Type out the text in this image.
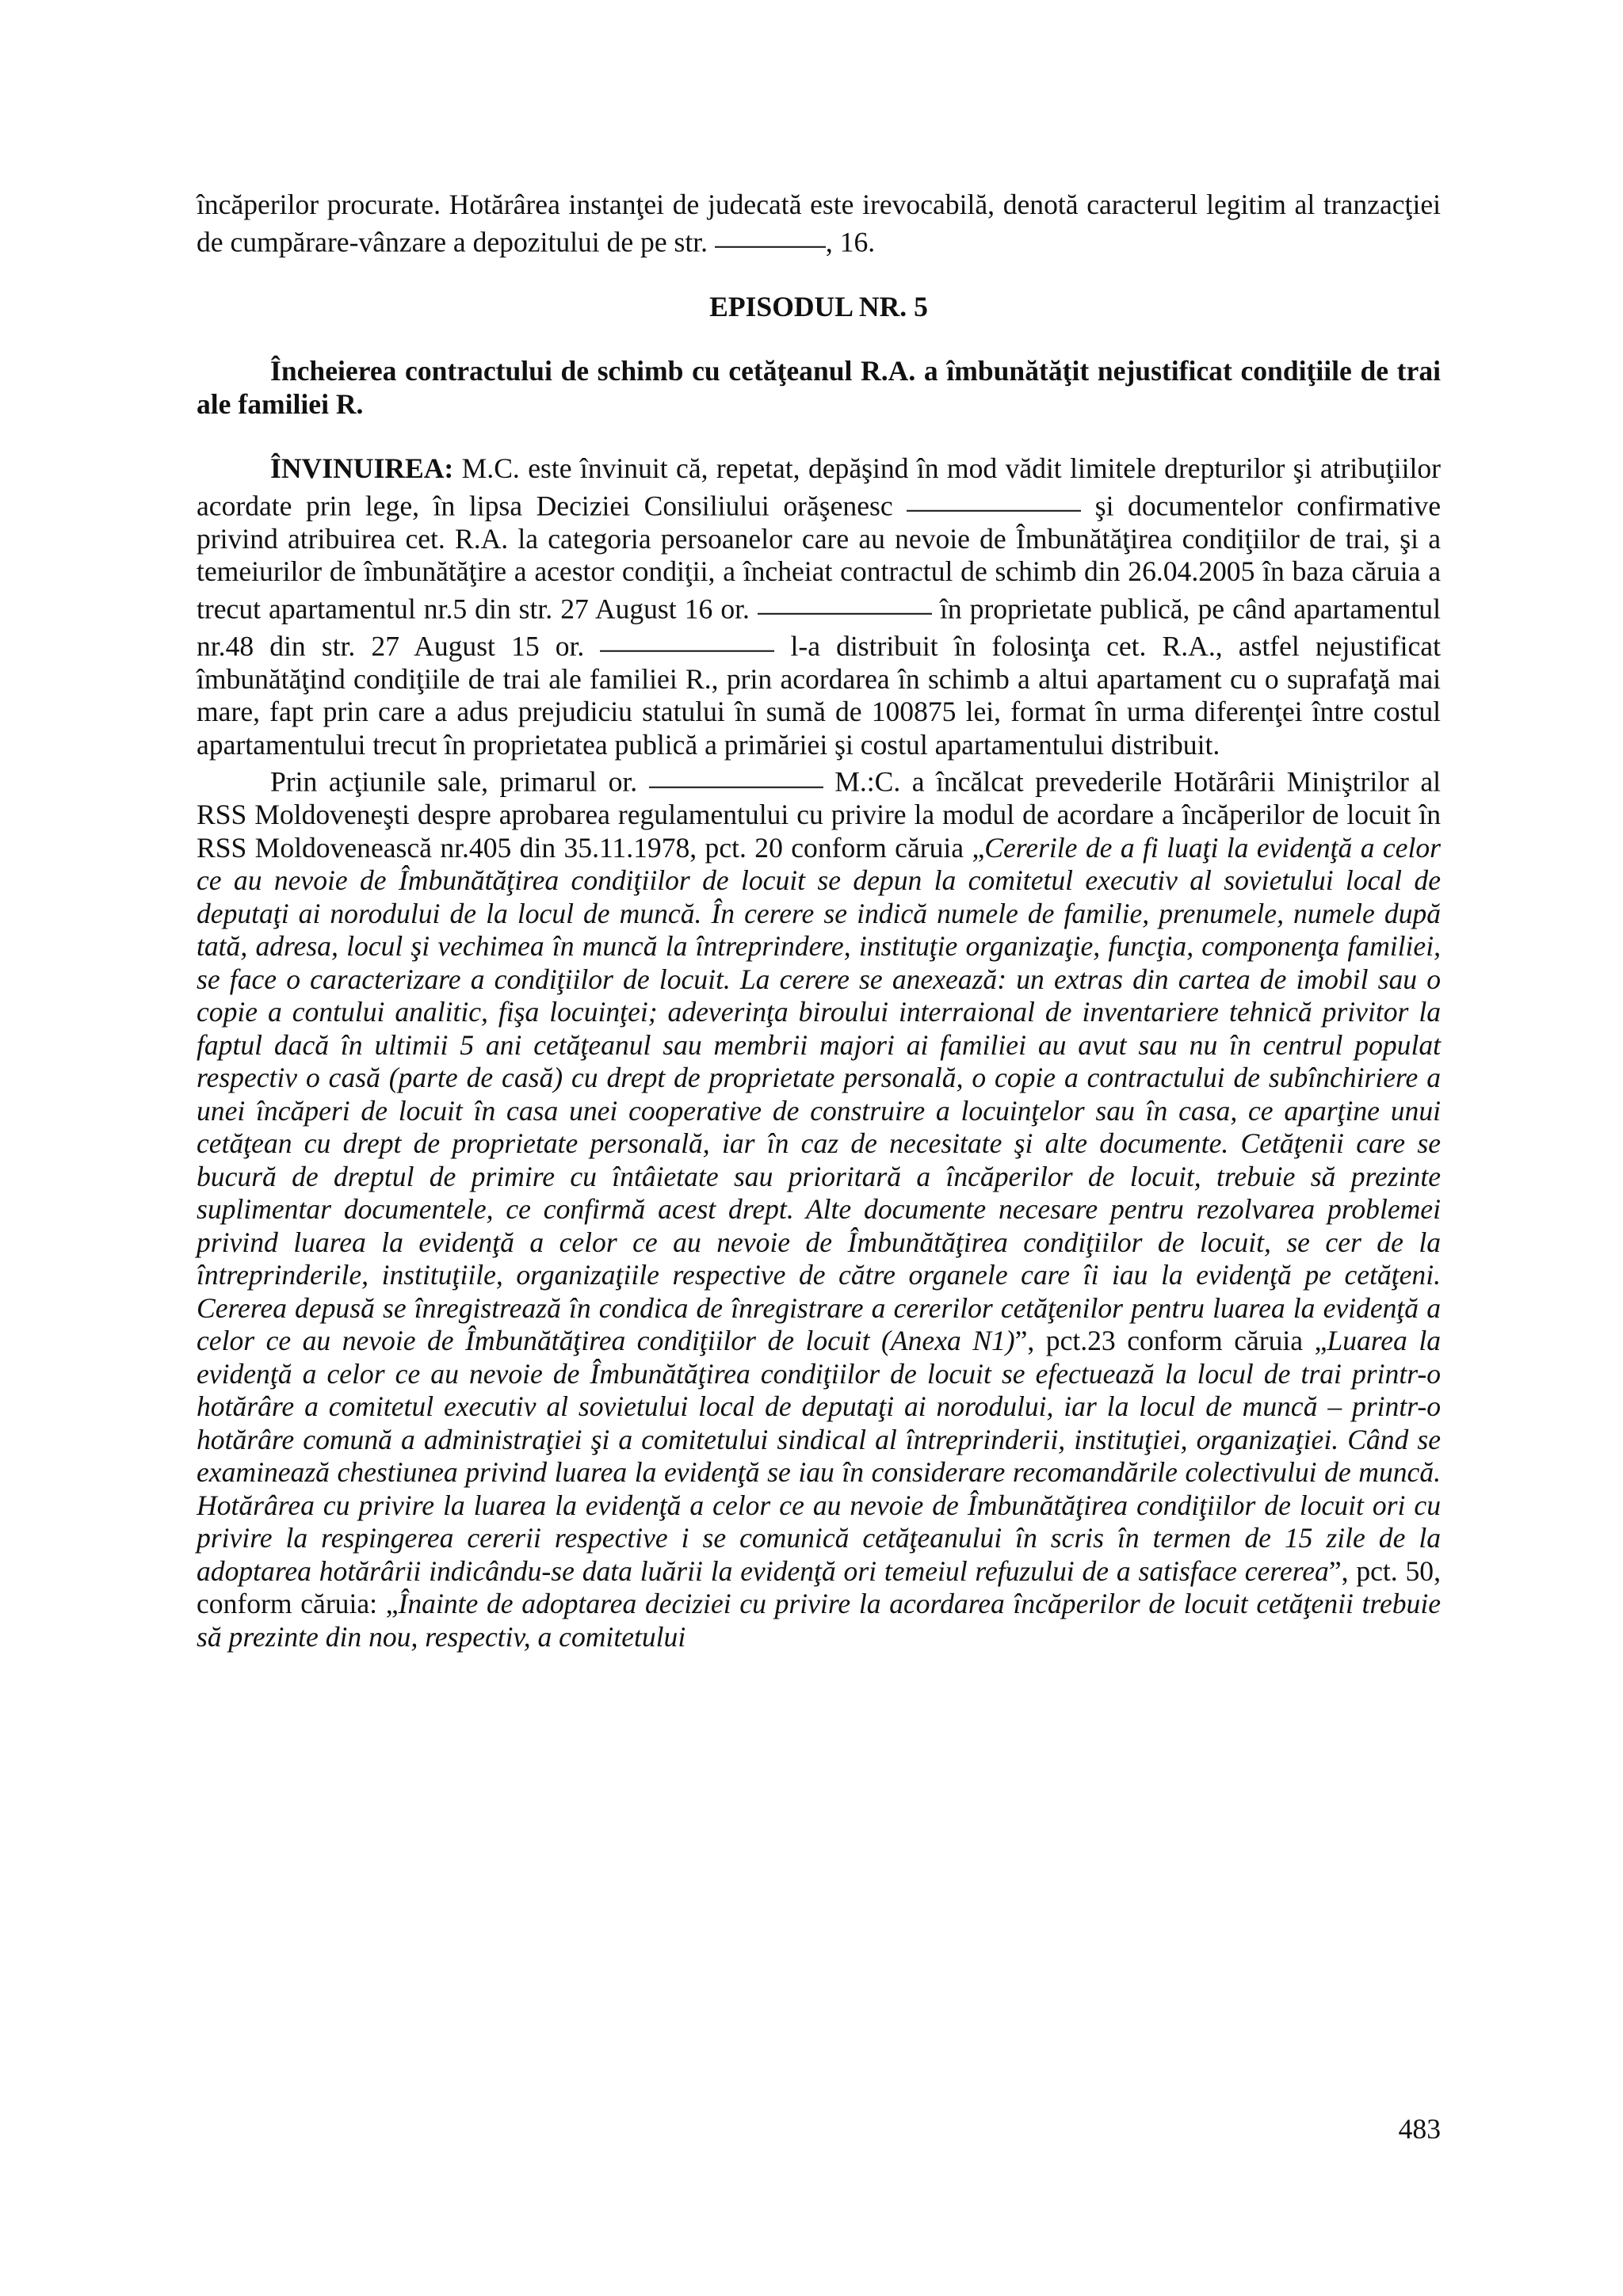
încăperilor procurate. Hotărârea instanţei de judecată este irevocabilă, denotă caracterul legitim al tranzacţiei de cumpărare-vânzare a depozitului de pe str.	, 16.

EPISODUL NR. 5

Încheierea contractului de schimb cu cetăţeanul R.A. a îmbunătăţit nejustificat condiţiile de trai ale familiei R.

ÎNVINUIREA: M.C. este învinuit că, repetat, depăşind în mod vădit limitele drepturilor şi atribuţiilor acordate prin lege, în lipsa Deciziei Consiliului orăşenesc	şi documentelor confirmative privind atribuirea cet. R.A. la categoria persoanelor care au nevoie de Îmbunătăţirea condiţiilor de trai, şi a temeiurilor de îmbunătăţire a acestor condiţii, a încheiat contractul de schimb din 26.04.2005 în baza căruia a trecut apartamentul nr.5 din str. 27 August 16 or.	în proprietate publică, pe când apartamentul nr.48 din str. 27 August 15 or.	l-a distribuit în folosinţa cet. R.A., astfel nejustificat îmbunătăţind condiţiile de trai ale familiei R., prin acordarea în schimb a altui apartament cu o suprafaţă mai mare, fapt prin care a adus prejudiciu statului în sumă de 100875 lei, format în urma diferenţei între costul apartamentului trecut în proprietatea publică a primăriei şi costul apartamentului distribuit.

Prin acţiunile sale, primarul or.	M.:C. a încălcat prevederile Hotărârii Miniştrilor al RSS Moldoveneşti despre aprobarea regulamentului cu privire la modul de acordare a încăperilor de locuit în RSS Moldovenească nr.405 din 35.11.1978, pct. 20 conform căruia „Cererile de a fi luaţi la evidenţă a celor ce au nevoie de Îmbunătăţirea condiţiilor de locuit se depun la comitetul executiv al sovietului local de deputaţi ai norodului de la locul de muncă. În cerere se indică numele de familie, prenumele, numele după tată, adresa, locul şi vechimea în muncă la întreprindere, instituţie organizaţie, funcţia, componenţa familiei, se face o caracterizare a condiţiilor de locuit. La cerere se anexează: un extras din cartea de imobil sau o copie a contului analitic, fişa locuinţei; adeverinţa biroului interraional de inventariere tehnică privitor la faptul dacă în ultimii 5 ani cetăţeanul sau membrii majori ai familiei au avut sau nu în centrul populat respectiv o casă (parte de casă) cu drept de proprietate personală, o copie a contractului de subînchiriere a unei încăperi de locuit în casa unei cooperative de construire a locuinţelor sau în casa, ce aparţine unui cetăţean cu drept de proprietate personală, iar în caz de necesitate şi alte documente. Cetăţenii care se bucură de dreptul de primire cu întâietate sau prioritară a încăperilor de locuit, trebuie să prezinte suplimentar documentele, ce confirmă acest drept. Alte documente necesare pentru rezolvarea problemei privind luarea la evidenţă a celor ce au nevoie de Îmbunătăţirea condiţiilor de locuit, se cer de la întreprinderile, instituţiile, organizaţiile respective de către organele care îi iau la evidenţă pe cetăţeni. Cererea depusă se înregistrează în condica de înregistrare a cererilor cetăţenilor pentru luarea la evidenţă a celor ce au nevoie de Îmbunătăţirea condiţiilor de locuit (Anexa N1)”, pct.23 conform căruia „Luarea la evidenţă a celor ce au nevoie de Îmbunătăţirea condiţiilor de locuit se efectuează la locul de trai printr-o hotărâre a comitetul executiv al sovietului local de deputaţi ai norodului, iar la locul de muncă – printr-o hotărâre comună a administraţiei şi a comitetului sindical al întreprinderii, instituţiei, organizaţiei. Când se examinează chestiunea privind luarea la evidenţă se iau în considerare recomandările colectivului de muncă. Hotărârea cu privire la luarea la evidenţă a celor ce au nevoie de Îmbunătăţirea condiţiilor de locuit ori cu privire la respingerea cererii respective i se comunică cetăţeanului în scris în termen de 15 zile de la adoptarea hotărârii indicându-se data luării la evidenţă ori temeiul refuzului de a satisface cererea”, pct. 50, conform căruia: „Înainte de adoptarea deciziei cu privire la acordarea încăperilor de locuit cetăţenii trebuie să prezinte din nou, respectiv, a comitetului

483
